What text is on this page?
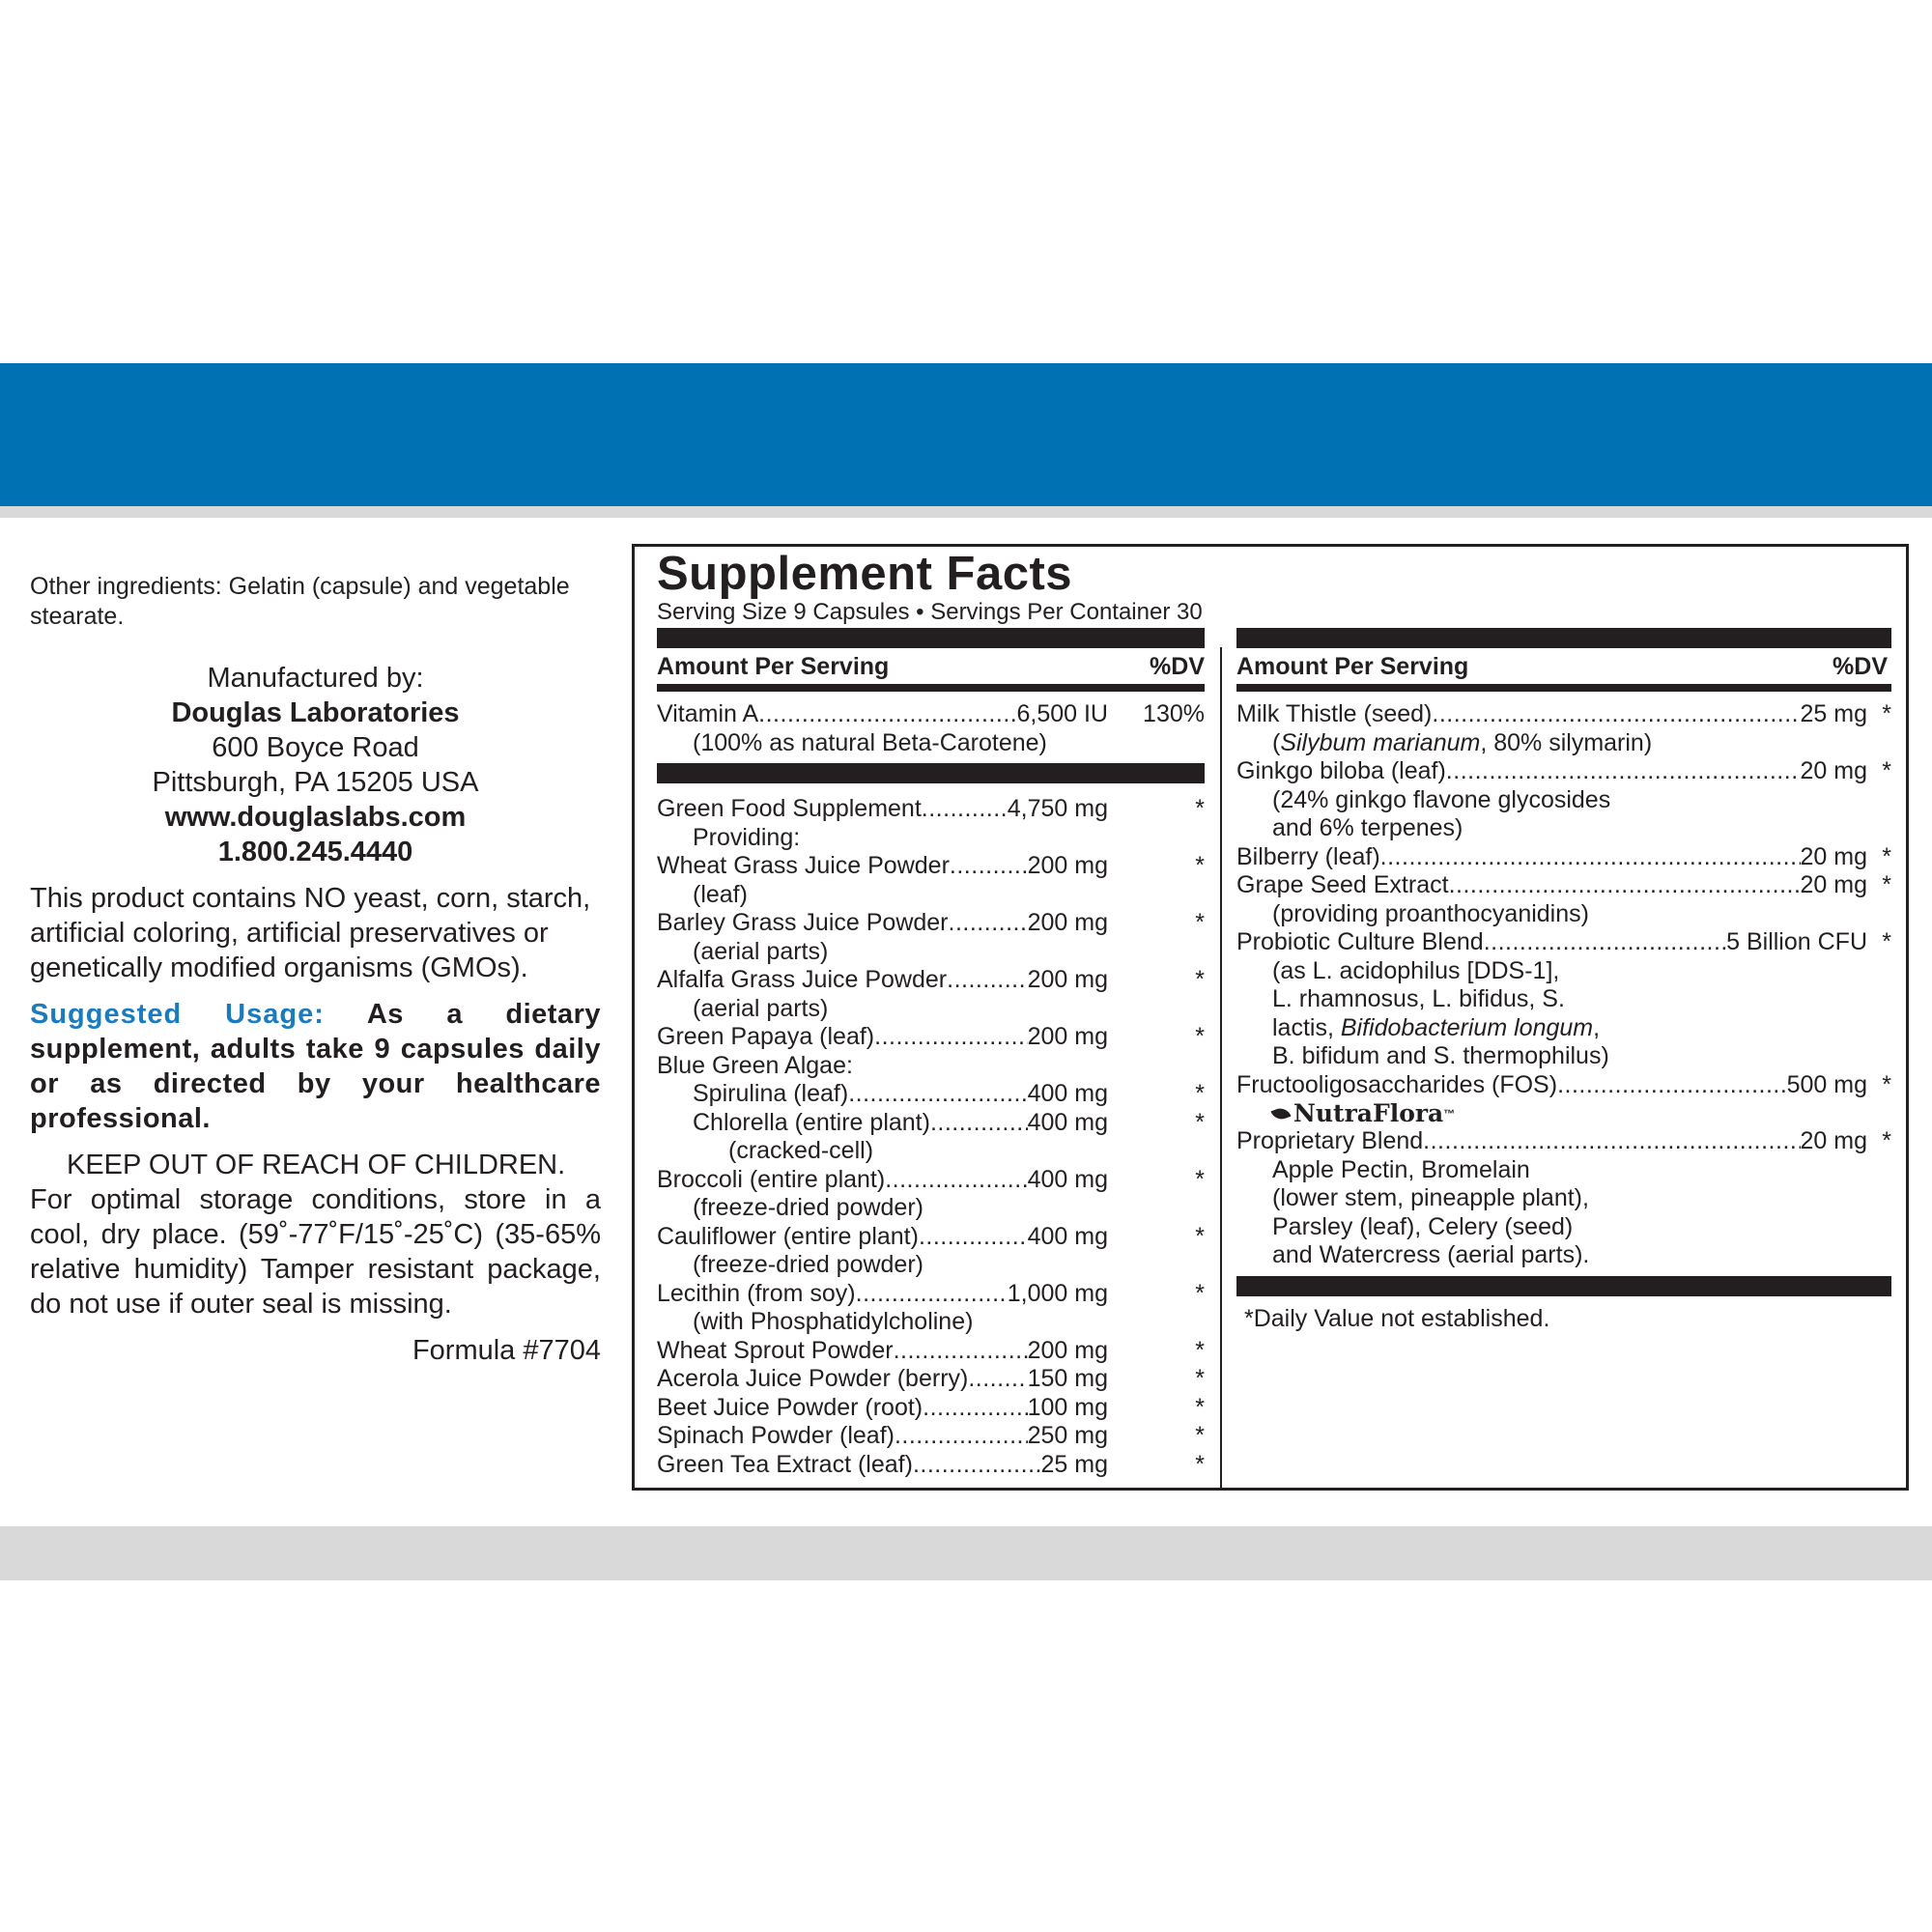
Other ingredients: Gelatin (capsule) and vegetable stearate.

Manufactured by:
Douglas Laboratories
600 Boyce Road
Pittsburgh, PA 15205 USA
www.douglaslabs.com
1.800.245.4440

This product contains NO yeast, corn, starch, artificial coloring, artificial preservatives or genetically modified organisms (GMOs).

Suggested Usage: As a dietary supplement, adults take 9 capsules daily or as directed by your healthcare professional.

KEEP OUT OF REACH OF CHILDREN.

For optimal storage conditions, store in a cool, dry place. (59˚-77˚F/15˚-25˚C) (35-65% relative humidity) Tamper resistant package, do not use if outer seal is missing.

Formula #7704

Supplement Facts
Serving Size 9 Capsules • Servings Per Container 30
Amount Per Serving	%DV
Vitamin A .....	6,500 IU	130%
(100% as natural Beta-Carotene)
Green Food Supplement .....	4,750 mg	*
Providing:
Wheat Grass Juice Powder .....	200 mg	*
(leaf)
Barley Grass Juice Powder .....	200 mg	*
(aerial parts)
Alfalfa Grass Juice Powder .....	200 mg	*
(aerial parts)
Green Papaya (leaf) .....	200 mg	*
Blue Green Algae:
Spirulina (leaf) .....	400 mg	*
Chlorella (entire plant) .....	400 mg	*
(cracked-cell)
Broccoli (entire plant) .....	400 mg	*
(freeze-dried powder)
Cauliflower (entire plant) .....	400 mg	*
(freeze-dried powder)
Lecithin (from soy) .....	1,000 mg	*
(with Phosphatidylcholine)
Wheat Sprout Powder .....	200 mg	*
Acerola Juice Powder (berry) ..... 150 mg	*
Beet Juice Powder (root) .....	100 mg	*
Spinach Powder (leaf) .....	250 mg	*
Green Tea Extract (leaf) .....	25 mg	*
Amount Per Serving	%DV
Milk Thistle (seed) .....	25 mg *
(Silybum marianum, 80% silymarin)
Ginkgo biloba (leaf) .....	20 mg *
(24% ginkgo flavone glycosides
and 6% terpenes)
Bilberry (leaf) .....	20 mg *
Grape Seed Extract .....	20 mg *
(providing proanthocyanidins)
Probiotic Culture Blend .....	5 Billion CFU *
(as L. acidophilus [DDS-1],
L. rhamnosus, L. bifidus, S.
lactis, Bifidobacterium longum,
B. bifidum and S. thermophilus)
Fructooligosaccharides (FOS) .....	500 mg *
NutraFlora ™
Proprietary Blend .....	20 mg *
Apple Pectin, Bromelain
(lower stem, pineapple plant),
Parsley (leaf), Celery (seed)
and Watercress (aerial parts).
*Daily Value not established.
